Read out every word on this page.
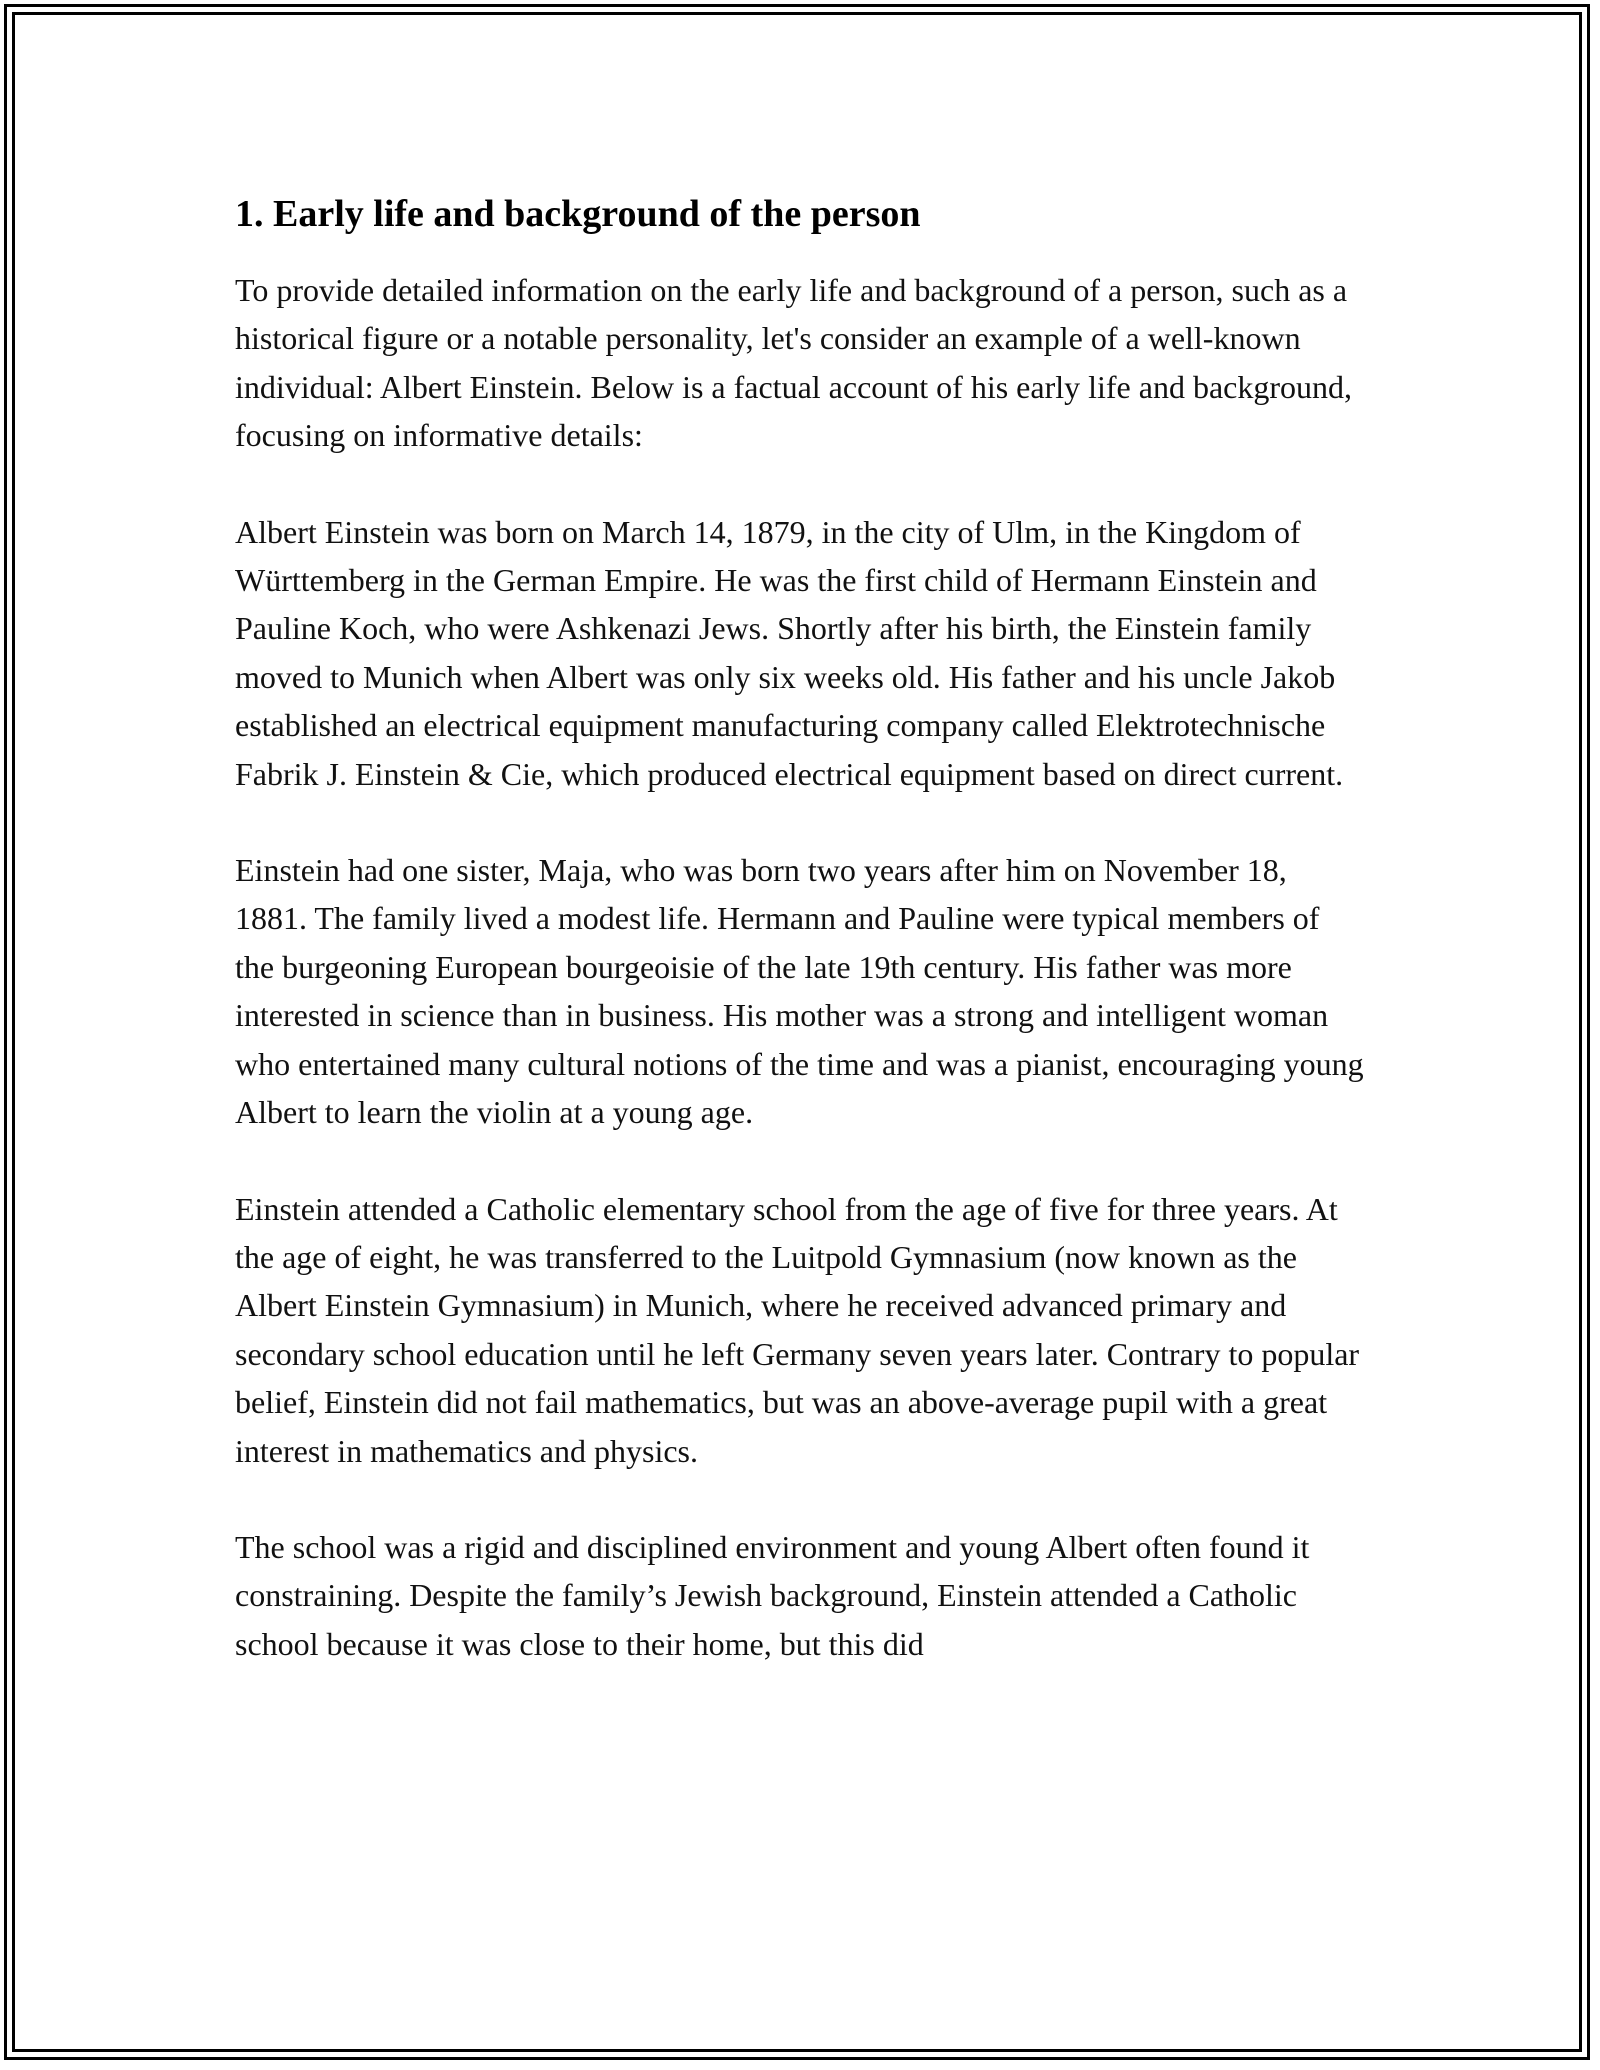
1. Early life and background of the person

To provide detailed information on the early life and background of a person, such as a historical figure or a notable personality, let's consider an example of a well-known individual: Albert Einstein. Below is a factual account of his early life and background, focusing on informative details:

Albert Einstein was born on March 14, 1879, in the city of Ulm, in the Kingdom of Württemberg in the German Empire. He was the first child of Hermann Einstein and Pauline Koch, who were Ashkenazi Jews. Shortly after his birth, the Einstein family moved to Munich when Albert was only six weeks old. His father and his uncle Jakob established an electrical equipment manufacturing company called Elektrotechnische Fabrik J. Einstein & Cie, which produced electrical equipment based on direct current.

Einstein had one sister, Maja, who was born two years after him on November 18, 1881. The family lived a modest life. Hermann and Pauline were typical members of the burgeoning European bourgeoisie of the late 19th century. His father was more interested in science than in business. His mother was a strong and intelligent woman who entertained many cultural notions of the time and was a pianist, encouraging young Albert to learn the violin at a young age.

Einstein attended a Catholic elementary school from the age of five for three years. At the age of eight, he was transferred to the Luitpold Gymnasium (now known as the Albert Einstein Gymnasium) in Munich, where he received advanced primary and secondary school education until he left Germany seven years later. Contrary to popular belief, Einstein did not fail mathematics, but was an above-average pupil with a great interest in mathematics and physics.

The school was a rigid and disciplined environment and young Albert often found it constraining. Despite the family’s Jewish background, Einstein attended a Catholic school because it was close to their home, but this did
